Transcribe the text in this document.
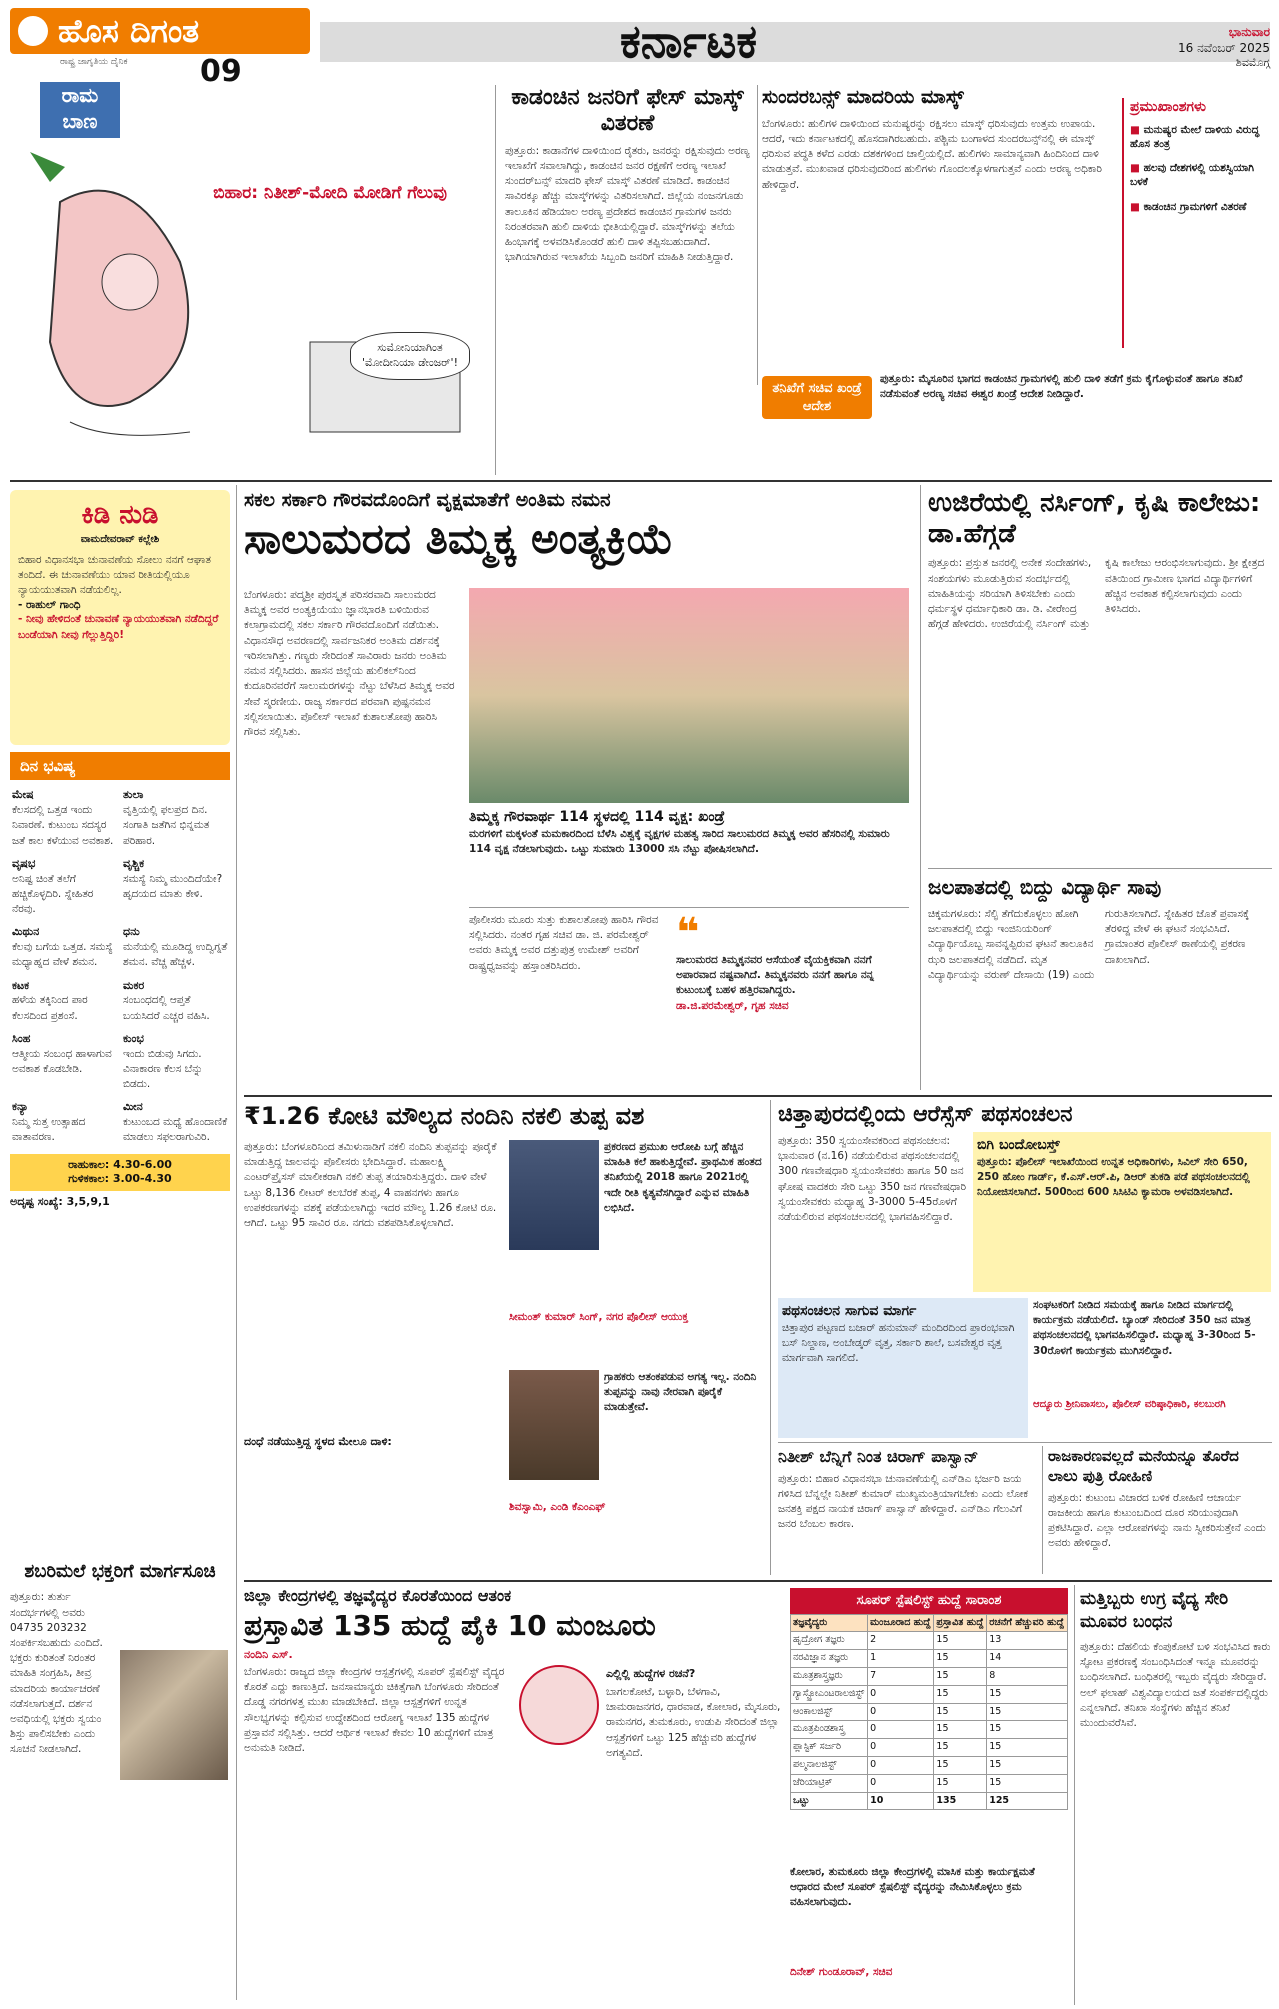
ಹೊಸ ದಿಗಂತ
ರಾಷ್ಟ್ರ ಜಾಗೃತಿಯ ದೈನಿಕ 09
ಕರ್ನಾಟಕ	ಭಾನುವಾರ
16 ನವೆಂಬರ್ 2025
ಶಿವಮೊಗ್ಗ
ರಾಮ
ಬಾಣ
ಬಿಹಾರ: ನಿತೀಶ್-ಮೋದಿ ಮೋಡಿಗೆ ಗೆಲುವು
ಸುಮೋನಿಯಾಗಿಂತ 'ಮೋದೀನಿಯಾ ಡೇಂಜರ್'!
ಕಾಡಂಚಿನ ಜನರಿಗೆ ಫೇಸ್ ಮಾಸ್ಕ್ ವಿತರಣೆ
ಪುತ್ತೂರು: ಕಾಡಾನೆಗಳ ದಾಳಿಯಿಂದ ರೈತರು, ಜನರನ್ನು ರಕ್ಷಿಸುವುದು ಅರಣ್ಯ ಇಲಾಖೆಗೆ ಸವಾಲಾಗಿದ್ದು, ಕಾಡಂಚಿನ ಜನರ ರಕ್ಷಣೆಗೆ ಅರಣ್ಯ ಇಲಾಖೆ ಸುಂದರ್‌ಬನ್ಸ್ ಮಾದರಿ ಫೇಸ್ ಮಾಸ್ಕ್ ವಿತರಣೆ ಮಾಡಿದೆ. ಕಾಡಂಚಿನ ಸಾವಿರಕ್ಕೂ ಹೆಚ್ಚು ಮಾಸ್ಕ್‌ಗಳನ್ನು ವಿತರಿಸಲಾಗಿದೆ. ಜಿಲ್ಲೆಯ ನಂಜನಗೂಡು ತಾಲೂಕಿನ ಹೆಡಿಯಾಲ ಅರಣ್ಯ ಪ್ರದೇಶದ ಕಾಡಂಚಿನ ಗ್ರಾಮಗಳ ಜನರು ನಿರಂತರವಾಗಿ ಹುಲಿ ದಾಳಿಯ ಭೀತಿಯಲ್ಲಿದ್ದಾರೆ. ಮಾಸ್ಕ್‌ಗಳನ್ನು ತಲೆಯ ಹಿಂಭಾಗಕ್ಕೆ ಅಳವಡಿಸಿಕೊಂಡರೆ ಹುಲಿ ದಾಳಿ ತಪ್ಪಿಸಬಹುದಾಗಿದೆ. ಭಾಗಿಯಾಗಿರುವ ಇಲಾಖೆಯ ಸಿಬ್ಬಂದಿ ಜನರಿಗೆ ಮಾಹಿತಿ ನೀಡುತ್ತಿದ್ದಾರೆ.
ಸುಂದರಬನ್ಸ್ ಮಾದರಿಯ ಮಾಸ್ಕ್
ಬೆಂಗಳೂರು: ಹುಲಿಗಳ ದಾಳಿಯಿಂದ ಮನುಷ್ಯರನ್ನು ರಕ್ಷಿಸಲು ಮಾಸ್ಕ್ ಧರಿಸುವುದು ಉತ್ತಮ ಉಪಾಯ. ಆದರೆ, ಇದು ಕರ್ನಾಟಕದಲ್ಲಿ ಹೊಸದಾಗಿರಬಹುದು. ಪಶ್ಚಿಮ ಬಂಗಾಳದ ಸುಂದರಬನ್ಸ್‌ನಲ್ಲಿ ಈ ಮಾಸ್ಕ್ ಧರಿಸುವ ಪದ್ಧತಿ ಕಳೆದ ಎರಡು ದಶಕಗಳಿಂದ ಚಾಲ್ತಿಯಲ್ಲಿದೆ. ಹುಲಿಗಳು ಸಾಮಾನ್ಯವಾಗಿ ಹಿಂದಿನಿಂದ ದಾಳಿ ಮಾಡುತ್ತವೆ. ಮುಖವಾಡ ಧರಿಸುವುದರಿಂದ ಹುಲಿಗಳು ಗೊಂದಲಕ್ಕೊಳಗಾಗುತ್ತವೆ ಎಂದು ಅರಣ್ಯ ಅಧಿಕಾರಿ ಹೇಳಿದ್ದಾರೆ.
ಪ್ರಮುಖಾಂಶಗಳು
■ ಮನುಷ್ಯರ ಮೇಲೆ ದಾಳಿಯ ವಿರುದ್ಧ ಹೊಸ ತಂತ್ರ
■ ಹಲವು ದೇಶಗಳಲ್ಲಿ ಯಶಸ್ವಿಯಾಗಿ ಬಳಕೆ
■ ಕಾಡಂಚಿನ ಗ್ರಾಮಗಳಿಗೆ ವಿತರಣೆ
ತನಿಖೆಗೆ ಸಚಿವ ಖಂಡ್ರೆ ಆದೇಶ
ಪುತ್ತೂರು: ಮೈಸೂರಿನ ಭಾಗದ ಕಾಡಂಚಿನ ಗ್ರಾಮಗಳಲ್ಲಿ ಹುಲಿ ದಾಳಿ ತಡೆಗೆ ಕ್ರಮ ಕೈಗೊಳ್ಳುವಂತೆ ಹಾಗೂ ತನಿಖೆ ನಡೆಸುವಂತೆ ಅರಣ್ಯ ಸಚಿವ ಈಶ್ವರ ಖಂಡ್ರೆ ಆದೇಶ ನೀಡಿದ್ದಾರೆ.
ಕಿಡಿ ನುಡಿ
ವಾಮದೇವರಾವ್ ಕಲ್ಲೇಶಿ
ಬಿಹಾರ ವಿಧಾನಸಭಾ ಚುನಾವಣೆಯ ಸೋಲು ನನಗೆ ಆಘಾತ ತಂದಿದೆ. ಈ ಚುನಾವಣೆಯು ಯಾವ ರೀತಿಯಲ್ಲಿಯೂ ನ್ಯಾಯಯುತವಾಗಿ ನಡೆಯಲಿಲ್ಲ.
- ರಾಹುಲ್ ಗಾಂಧಿ
- ನೀವು ಹೇಳಿದಂತೆ ಚುನಾವಣೆ ನ್ಯಾಯಯುತವಾಗಿ ನಡೆದಿದ್ದರೆ ಬಂಡೆಯಾಗಿ ನೀವು ಗೆಲ್ಲುತ್ತಿದ್ದಿರಿ!
ದಿನ ಭವಿಷ್ಯ
ಮೇಷ
ಕೆಲಸದಲ್ಲಿ ಒತ್ತಡ ಇಂದು ನಿವಾರಣೆ. ಕುಟುಂಬ ಸದಸ್ಯರ ಜತೆ ಕಾಲ ಕಳೆಯುವ ಅವಕಾಶ.
ತುಲಾ
ವೃತ್ತಿಯಲ್ಲಿ ಫಲಪ್ರದ ದಿನ. ಸಂಗಾತಿ ಜತೆಗಿನ ಭಿನ್ನಮತ ಪರಿಹಾರ.
ವೃಷಭ
ಅನಿಷ್ಟ ಚಿಂತೆ ತಲೆಗೆ ಹಚ್ಚಿಕೊಳ್ಳದಿರಿ. ಸ್ನೇಹಿತರ ನೆರವು.
ವೃಶ್ಚಿಕ
ಸಮಸ್ಯೆ ನಿಮ್ಮ ಮುಂದಿದೆಯೇ? ಹೃದಯದ ಮಾತು ಕೇಳಿ.
ಮಿಥುನ
ಕೆಲವು ಬಗೆಯ ಒತ್ತಡ. ಸಮಸ್ಯೆ ಮಧ್ಯಾಹ್ನದ ವೇಳೆ ಶಮನ.
ಧನು
ಮನೆಯಲ್ಲಿ ಮೂಡಿದ್ದ ಉದ್ವಿಗ್ನತೆ ಶಮನ. ವೆಚ್ಚ ಹೆಚ್ಚಳ.
ಕಟಕ
ಹಳೆಯ ತಕ್ಕಿನಿಂದ ಪಾರ ಕೆಲಸದಿಂದ ಪ್ರಶಂಸೆ.
ಮಕರ
ಸಂಬಂಧದಲ್ಲಿ ಆಪ್ತತೆ ಬಯಸಿದರೆ ಎಚ್ಚರ ವಹಿಸಿ.
ಸಿಂಹ
ಆತ್ಮೀಯ ಸಂಬಂಧ ಹಾಳಾಗುವ ಅವಕಾಶ ಕೊಡಬೇಡಿ.
ಕುಂಭ
ಇಂದು ಬಿಡುವು ಸಿಗದು. ವಿನಾಕಾರಣ ಕೆಲಸ ಬೆನ್ನು ಬಿಡದು.
ಕನ್ಯಾ
ನಿಮ್ಮ ಸುತ್ತ ಉತ್ಸಾಹದ ವಾತಾವರಣ.
ಮೀನ
ಕುಟುಂಬದ ಮಧ್ಯೆ ಹೊಂದಾಣಿಕೆ ಮಾಡಲು ಸಫಲರಾಗುವಿರಿ.
ರಾಹುಕಾಲ: 4.30-6.00
ಗುಳಿಕಕಾಲ: 3.00-4.30
ಅದೃಷ್ಟ ಸಂಖ್ಯೆ: 3,5,9,1
ಶಬರಿಮಲೆ ಭಕ್ತರಿಗೆ ಮಾರ್ಗಸೂಚಿ
ಪುತ್ತೂರು: ತುರ್ತು ಸಂದರ್ಭಗಳಲ್ಲಿ ಅವರು 04735 203232 ಸಂಪರ್ಕಿಸಬಹುದು ಎಂದಿದೆ. ಭಕ್ತರು ಕುರಿತಂತೆ ನಿರಂತರ ಮಾಹಿತಿ ಸಂಗ್ರಹಿಸಿ, ತೀವ್ರ ಮಾದರಿಯ ಕಾರ್ಯಾಚರಣೆ ನಡೆಸಲಾಗುತ್ತದೆ. ದರ್ಶನ ಅವಧಿಯಲ್ಲಿ ಭಕ್ತರು ಸ್ವಯಂ ಶಿಸ್ತು ಪಾಲಿಸಬೇಕು ಎಂದು ಸೂಚನೆ ನೀಡಲಾಗಿದೆ.
ಸಕಲ ಸರ್ಕಾರಿ ಗೌರವದೊಂದಿಗೆ ವೃಕ್ಷಮಾತೆಗೆ ಅಂತಿಮ ನಮನ
ಸಾಲುಮರದ ತಿಮ್ಮಕ್ಕ ಅಂತ್ಯಕ್ರಿಯೆ
ಬೆಂಗಳೂರು: ಪದ್ಮಶ್ರೀ ಪುರಸ್ಕೃತ ಪರಿಸರವಾದಿ ಸಾಲುಮರದ ತಿಮ್ಮಕ್ಕ ಅವರ ಅಂತ್ಯಕ್ರಿಯೆಯು ಜ್ಞಾನಭಾರತಿ ಬಳಿಯಿರುವ ಕಲಾಗ್ರಾಮದಲ್ಲಿ ಸಕಲ ಸರ್ಕಾರಿ ಗೌರವದೊಂದಿಗೆ ನಡೆಯಿತು. ವಿಧಾನಸೌಧ ಅವರಣದಲ್ಲಿ ಸಾರ್ವಜನಿಕರ ಅಂತಿಮ ದರ್ಶನಕ್ಕೆ ಇರಿಸಲಾಗಿತ್ತು. ಗಣ್ಯರು ಸೇರಿದಂತೆ ಸಾವಿರಾರು ಜನರು ಅಂತಿಮ ನಮನ ಸಲ್ಲಿಸಿದರು. ಹಾಸನ ಜಿಲ್ಲೆಯ ಹುಲಿಕಲ್‌ನಿಂದ ಕುದೂರಿನವರೆಗೆ ಸಾಲುಮರಗಳನ್ನು ನೆಟ್ಟು ಬೆಳೆಸಿದ ತಿಮ್ಮಕ್ಕ ಅವರ ಸೇವೆ ಸ್ಮರಣೀಯ. ರಾಜ್ಯ ಸರ್ಕಾರದ ಪರವಾಗಿ ಪುಷ್ಪನಮನ ಸಲ್ಲಿಸಲಾಯಿತು. ಪೊಲೀಸ್ ಇಲಾಖೆ ಕುಶಾಲತೋಪು ಹಾರಿಸಿ ಗೌರವ ಸಲ್ಲಿಸಿತು.
ತಿಮ್ಮಕ್ಕ ಗೌರವಾರ್ಥ 114 ಸ್ಥಳದಲ್ಲಿ 114 ವೃಕ್ಷ: ಖಂಡ್ರೆ
ಮರಗಳಿಗೆ ಮಕ್ಕಳಂತೆ ಮಮಕಾರದಿಂದ ಬೆಳೆಸಿ ವಿಶ್ವಕ್ಕೆ ವೃಕ್ಷಗಳ ಮಹತ್ವ ಸಾರಿದ ಸಾಲುಮರದ ತಿಮ್ಮಕ್ಕ ಅವರ ಹೆಸರಿನಲ್ಲಿ ಸುಮಾರು 114 ವೃಕ್ಷ ನೆಡಲಾಗುವುದು. ಒಟ್ಟು ಸುಮಾರು 13000 ಸಸಿ ನೆಟ್ಟು ಪೋಷಿಸಲಾಗಿದೆ.
ಪೊಲೀಸರು ಮೂರು ಸುತ್ತು ಕುಶಾಲತೋಪು ಹಾರಿಸಿ ಗೌರವ ಸಲ್ಲಿಸಿದರು. ನಂತರ ಗೃಹ ಸಚಿವ ಡಾ. ಜಿ. ಪರಮೇಶ್ವರ್ ಅವರು ತಿಮ್ಮಕ್ಕ ಅವರ ದತ್ತುಪುತ್ರ ಉಮೇಶ್ ಅವರಿಗೆ ರಾಷ್ಟ್ರಧ್ವಜವನ್ನು ಹಸ್ತಾಂತರಿಸಿದರು.
❝
ಸಾಲುಮರದ ತಿಮ್ಮಕ್ಕನವರ ಆಸೆಯಂತೆ ವೈಯಕ್ತಿಕವಾಗಿ ನನಗೆ ಅಪಾರವಾದ ನಷ್ಟವಾಗಿದೆ. ತಿಮ್ಮಕ್ಕನವರು ನನಗೆ ಹಾಗೂ ನನ್ನ ಕುಟುಂಬಕ್ಕೆ ಬಹಳ ಹತ್ತಿರವಾಗಿದ್ದರು.
ಡಾ.ಜಿ.ಪರಮೇಶ್ವರ್, ಗೃಹ ಸಚಿವ
ಉಜಿರೆಯಲ್ಲಿ ನರ್ಸಿಂಗ್, ಕೃಷಿ ಕಾಲೇಜು: ಡಾ.ಹೆಗ್ಗಡೆ
ಪುತ್ತೂರು: ಪ್ರಸ್ತುತ ಜನರಲ್ಲಿ ಅನೇಕ ಸಂದೇಹಗಳು, ಸಂಶಯಗಳು ಮೂಡುತ್ತಿರುವ ಸಂದರ್ಭದಲ್ಲಿ ಮಾಹಿತಿಯನ್ನು ಸರಿಯಾಗಿ ತಿಳಿಸಬೇಕು ಎಂದು ಧರ್ಮಸ್ಥಳ ಧರ್ಮಾಧಿಕಾರಿ ಡಾ. ಡಿ. ವೀರೇಂದ್ರ ಹೆಗ್ಗಡೆ ಹೇಳಿದರು. ಉಜಿರೆಯಲ್ಲಿ ನರ್ಸಿಂಗ್ ಮತ್ತು ಕೃಷಿ ಕಾಲೇಜು ಆರಂಭಿಸಲಾಗುವುದು. ಶ್ರೀ ಕ್ಷೇತ್ರದ ವತಿಯಿಂದ ಗ್ರಾಮೀಣ ಭಾಗದ ವಿದ್ಯಾರ್ಥಿಗಳಿಗೆ ಹೆಚ್ಚಿನ ಅವಕಾಶ ಕಲ್ಪಿಸಲಾಗುವುದು ಎಂದು ತಿಳಿಸಿದರು.
ಜಲಪಾತದಲ್ಲಿ ಬಿದ್ದು ವಿದ್ಯಾರ್ಥಿ ಸಾವು
ಚಿಕ್ಕಮಗಳೂರು: ಸೆಲ್ಫಿ ತೆಗೆದುಕೊಳ್ಳಲು ಹೋಗಿ ಜಲಪಾತದಲ್ಲಿ ಬಿದ್ದು ಇಂಜಿನಿಯರಿಂಗ್ ವಿದ್ಯಾರ್ಥಿಯೊಬ್ಬ ಸಾವನ್ನಪ್ಪಿರುವ ಘಟನೆ ತಾಲೂಕಿನ ಝರಿ ಜಲಪಾತದಲ್ಲಿ ನಡೆದಿದೆ. ಮೃತ ವಿದ್ಯಾರ್ಥಿಯನ್ನು ವರುಣ್ ದೇಸಾಯಿ (19) ಎಂದು ಗುರುತಿಸಲಾಗಿದೆ. ಸ್ನೇಹಿತರ ಜೊತೆ ಪ್ರವಾಸಕ್ಕೆ ತೆರಳಿದ್ದ ವೇಳೆ ಈ ಘಟನೆ ಸಂಭವಿಸಿದೆ. ಗ್ರಾಮಾಂತರ ಪೊಲೀಸ್ ಠಾಣೆಯಲ್ಲಿ ಪ್ರಕರಣ ದಾಖಲಾಗಿದೆ.
₹1.26 ಕೋಟಿ ಮೌಲ್ಯದ ನಂದಿನಿ ನಕಲಿ ತುಪ್ಪ ವಶ
ಪುತ್ತೂರು: ಬೆಂಗಳೂರಿನಿಂದ ತಮಿಳುನಾಡಿಗೆ ನಕಲಿ ನಂದಿನಿ ತುಪ್ಪವನ್ನು ಪೂರೈಕೆ ಮಾಡುತ್ತಿದ್ದ ಜಾಲವನ್ನು ಪೊಲೀಸರು ಭೇದಿಸಿದ್ದಾರೆ. ಮಹಾಲಕ್ಷ್ಮಿ ಎಂಟರ್‌ಪ್ರೈಸಸ್ ಮಾಲೀಕರಾಗಿ ನಕಲಿ ತುಪ್ಪ ತಯಾರಿಸುತ್ತಿದ್ದರು. ದಾಳಿ ವೇಳೆ ಒಟ್ಟು 8,136 ಲೀಟರ್ ಕಲಬೆರಕೆ ತುಪ್ಪ, 4 ವಾಹನಗಳು ಹಾಗೂ ಉಪಕರಣಗಳನ್ನು ವಶಕ್ಕೆ ಪಡೆಯಲಾಗಿದ್ದು ಇದರ ಮೌಲ್ಯ 1.26 ಕೋಟಿ ರೂ. ಆಗಿದೆ. ಒಟ್ಟು 95 ಸಾವಿರ ರೂ. ನಗದು ವಶಪಡಿಸಿಕೊಳ್ಳಲಾಗಿದೆ.
ದಂಧೆ ನಡೆಯುತ್ತಿದ್ದ ಸ್ಥಳದ ಮೇಲೂ ದಾಳಿ:
ಪ್ರಕರಣದ ಪ್ರಮುಖ ಆರೋಪಿ ಬಗ್ಗೆ ಹೆಚ್ಚಿನ ಮಾಹಿತಿ ಕಲೆ ಹಾಕುತ್ತಿದ್ದೇವೆ. ಪ್ರಾಥಮಿಕ ಹಂತದ ತನಿಖೆಯಲ್ಲಿ 2018 ಹಾಗೂ 2021ರಲ್ಲಿ ಇದೇ ರೀತಿ ಕೃತ್ಯವೆಸಗಿದ್ದಾರೆ ಎನ್ನುವ ಮಾಹಿತಿ ಲಭಿಸಿದೆ.
ಸೀಮಂತ್ ಕುಮಾರ್ ಸಿಂಗ್, ನಗರ ಪೊಲೀಸ್ ಆಯುಕ್ತ
ಗ್ರಾಹಕರು ಆತಂಕಪಡುವ ಅಗತ್ಯ ಇಲ್ಲ. ನಂದಿನಿ ತುಪ್ಪವನ್ನು ನಾವು ನೇರವಾಗಿ ಪೂರೈಕೆ ಮಾಡುತ್ತೇವೆ.
ಶಿವಸ್ವಾಮಿ, ಎಂಡಿ ಕೆಎಂಎಫ್
ಚಿತ್ತಾಪುರದಲ್ಲಿಂದು ಆರೆಸ್ಸೆಸ್ ಪಥಸಂಚಲನ
ಪುತ್ತೂರು: 350 ಸ್ವಯಂಸೇವಕರಿಂದ ಪಥಸಂಚಲನ: ಭಾನುವಾರ (ನ.16) ನಡೆಯಲಿರುವ ಪಥಸಂಚಲನದಲ್ಲಿ 300 ಗಣವೇಷಧಾರಿ ಸ್ವಯಂಸೇವಕರು ಹಾಗೂ 50 ಜನ ಘೋಷ ವಾದಕರು ಸೇರಿ ಒಟ್ಟು 350 ಜನ ಗಣವೇಷಧಾರಿ ಸ್ವಯಂಸೇವಕರು ಮಧ್ಯಾಹ್ನ 3-3000 5-45ರೊಳಗೆ ನಡೆಯಲಿರುವ ಪಥಸಂಚಲನದಲ್ಲಿ ಭಾಗವಹಿಸಲಿದ್ದಾರೆ.
ಬಿಗಿ ಬಂದೋಬಸ್ತ್
ಪುತ್ತೂರು: ಪೊಲೀಸ್ ಇಲಾಖೆಯಿಂದ ಉನ್ನತ ಅಧಿಕಾರಿಗಳು, ಸಿವಿಲ್ ಸೇರಿ 650, 250 ಹೋಂ ಗಾರ್ಡ್, ಕೆ.ಎಸ್.ಆರ್.ಪಿ, ಡಿಆರ್ ತುಕಡಿ ಪಡೆ ಪಥಸಂಚಲನದಲ್ಲಿ ನಿಯೋಜಿಸಲಾಗಿದೆ. 500ರಿಂದ 600 ಸಿಸಿಟಿವಿ ಕ್ಯಾಮರಾ ಅಳವಡಿಸಲಾಗಿದೆ.
ಪಥಸಂಚಲನ ಸಾಗುವ ಮಾರ್ಗ
ಚಿತ್ತಾಪುರ ಪಟ್ಟಣದ ಬಜಾರ್ ಹನುಮಾನ್ ಮಂದಿರದಿಂದ ಪ್ರಾರಂಭವಾಗಿ ಬಸ್ ನಿಲ್ದಾಣ, ಅಂಬೇಡ್ಕರ್ ವೃತ್ತ, ಸರ್ಕಾರಿ ಶಾಲೆ, ಬಸವೇಶ್ವರ ವೃತ್ತ ಮಾರ್ಗವಾಗಿ ಸಾಗಲಿದೆ.
ಸಂಘಟಕರಿಗೆ ನೀಡಿದ ಸಮಯಕ್ಕೆ ಹಾಗೂ ನೀಡಿದ ಮಾರ್ಗದಲ್ಲಿ ಕಾರ್ಯಕ್ರಮ ನಡೆಯಲಿದೆ. ಬ್ಯಾಂಡ್ ಸೇರಿದಂತೆ 350 ಜನ ಮಾತ್ರ ಪಥಸಂಚಲನದಲ್ಲಿ ಭಾಗವಹಿಸಲಿದ್ದಾರೆ. ಮಧ್ಯಾಹ್ನ 3-30ರಿಂದ 5-30ರೊಳಗೆ ಕಾರ್ಯಕ್ರಮ ಮುಗಿಸಲಿದ್ದಾರೆ.
ಆದ್ಯೂರು ಶ್ರೀನಿವಾಸಲು, ಪೊಲೀಸ್ ವರಿಷ್ಠಾಧಿಕಾರಿ, ಕಲಬುರಗಿ
ನಿತೀಶ್ ಬೆನ್ನಿಗೆ ನಿಂತ ಚಿರಾಗ್ ಪಾಸ್ವಾನ್
ಪುತ್ತೂರು: ಬಿಹಾರ ವಿಧಾನಸಭಾ ಚುನಾವಣೆಯಲ್ಲಿ ಎನ್‌ಡಿಎ ಭರ್ಜರಿ ಜಯ ಗಳಿಸಿದ ಬೆನ್ನಲ್ಲೇ ನಿತೀಶ್ ಕುಮಾರ್ ಮುಖ್ಯಮಂತ್ರಿಯಾಗಬೇಕು ಎಂದು ಲೋಕ ಜನಶಕ್ತಿ ಪಕ್ಷದ ನಾಯಕ ಚಿರಾಗ್ ಪಾಸ್ವಾನ್ ಹೇಳಿದ್ದಾರೆ. ಎನ್‌ಡಿಎ ಗೆಲುವಿಗೆ ಜನರ ಬೆಂಬಲ ಕಾರಣ.
ರಾಜಕಾರಣವಲ್ಲದೆ ಮನೆಯನ್ನೂ ತೊರೆದ ಲಾಲು ಪುತ್ರಿ ರೋಹಿಣಿ
ಪುತ್ತೂರು: ಕುಟುಂಬ ವಿಚಾರದ ಬಳಿಕ ರೋಹಿಣಿ ಆಚಾರ್ಯ ರಾಜಕೀಯ ಹಾಗೂ ಕುಟುಂಬದಿಂದ ದೂರ ಸರಿಯುವುದಾಗಿ ಪ್ರಕಟಿಸಿದ್ದಾರೆ. ಎಲ್ಲಾ ಆರೋಪಗಳನ್ನು ನಾನು ಸ್ವೀಕರಿಸುತ್ತೇನೆ ಎಂದು ಅವರು ಹೇಳಿದ್ದಾರೆ.
ಜಿಲ್ಲಾ ಕೇಂದ್ರಗಳಲ್ಲಿ ತಜ್ಞವೈದ್ಯರ ಕೊರತೆಯಿಂದ ಆತಂಕ
ಪ್ರಸ್ತಾವಿತ 135 ಹುದ್ದೆ ಪೈಕಿ 10 ಮಂಜೂರು
ನಂದಿನಿ ಎಸ್.
ಬೆಂಗಳೂರು: ರಾಜ್ಯದ ಜಿಲ್ಲಾ ಕೇಂದ್ರಗಳ ಆಸ್ಪತ್ರೆಗಳಲ್ಲಿ ಸೂಪರ್ ಸ್ಪೆಷಲಿಸ್ಟ್ ವೈದ್ಯರ ಕೊರತೆ ಎದ್ದು ಕಾಣುತ್ತಿದೆ. ಜನಸಾಮಾನ್ಯರು ಚಿಕಿತ್ಸೆಗಾಗಿ ಬೆಂಗಳೂರು ಸೇರಿದಂತೆ ದೊಡ್ಡ ನಗರಗಳತ್ತ ಮುಖ ಮಾಡಬೇಕಿದೆ. ಜಿಲ್ಲಾ ಆಸ್ಪತ್ರೆಗಳಿಗೆ ಉನ್ನತ ಸೌಲಭ್ಯಗಳನ್ನು ಕಲ್ಪಿಸುವ ಉದ್ದೇಶದಿಂದ ಆರೋಗ್ಯ ಇಲಾಖೆ 135 ಹುದ್ದೆಗಳ ಪ್ರಸ್ತಾವನೆ ಸಲ್ಲಿಸಿತ್ತು. ಆದರೆ ಆರ್ಥಿಕ ಇಲಾಖೆ ಕೇವಲ 10 ಹುದ್ದೆಗಳಿಗೆ ಮಾತ್ರ ಅನುಮತಿ ನೀಡಿದೆ.
ಎಲ್ಲಿಲ್ಲಿ ಹುದ್ದೆಗಳ ರಚನೆ?
ಬಾಗಲಕೋಟೆ, ಬಳ್ಳಾರಿ, ಬೆಳಗಾವಿ, ಚಾಮರಾಜನಗರ, ಧಾರವಾಡ, ಕೋಲಾರ, ಮೈಸೂರು, ರಾಮನಗರ, ತುಮಕೂರು, ಉಡುಪಿ ಸೇರಿದಂತೆ ಜಿಲ್ಲಾ ಆಸ್ಪತ್ರೆಗಳಿಗೆ ಒಟ್ಟು 125 ಹೆಚ್ಚುವರಿ ಹುದ್ದೆಗಳ ಅಗತ್ಯವಿದೆ.
ಸೂಪರ್ ಸ್ಪೆಷಲಿಸ್ಟ್ ಹುದ್ದೆ ಸಾರಾಂಶ
ತಜ್ಞವೈದ್ಯರು	ಮಂಜೂರಾದ ಹುದ್ದೆ	ಪ್ರಸ್ತಾವಿತ ಹುದ್ದೆ	ರಚನೆಗೆ ಹೆಚ್ಚುವರಿ ಹುದ್ದೆ
ಹೃದ್ರೋಗ ತಜ್ಞರು	2	15	13
ನರವಿಜ್ಞಾನ ತಜ್ಞರು	1	15	14
ಮೂತ್ರಶಾಸ್ತ್ರಜ್ಞರು	7	15	8
ಗ್ಯಾಸ್ಟ್ರೋಎಂಟರಾಲಜಿಸ್ಟ್	0	15	15
ಆಂಕಾಲಜಿಸ್ಟ್	0	15	15
ಮೂತ್ರಪಿಂಡಶಾಸ್ತ್ರ	0	15	15
ಪ್ಲಾಸ್ಟಿಕ್ ಸರ್ಜರಿ	0	15	15
ಪಲ್ಮನಾಲಜಿಸ್ಟ್	0	15	15
ಜೆರಿಯಾಟ್ರಿಕ್	0	15	15
ಒಟ್ಟು	10	135	125
ಕೋಲಾರ, ತುಮಕೂರು ಜಿಲ್ಲಾ ಕೇಂದ್ರಗಳಲ್ಲಿ ಮಾಸಿಕ ಮತ್ತು ಕಾರ್ಯಕ್ಷಮತೆ ಆಧಾರದ ಮೇಲೆ ಸೂಪರ್ ಸ್ಪೆಷಲಿಸ್ಟ್ ವೈದ್ಯರನ್ನು ನೇಮಿಸಿಕೊಳ್ಳಲು ಕ್ರಮ ವಹಿಸಲಾಗುವುದು.
ದಿನೇಶ್ ಗುಂಡೂರಾವ್, ಸಚಿವ
ಮತ್ತಿಬ್ಬರು ಉಗ್ರ ವೈದ್ಯ ಸೇರಿ ಮೂವರ ಬಂಧನ
ಪುತ್ತೂರು: ದೆಹಲಿಯ ಕೆಂಪುಕೋಟೆ ಬಳಿ ಸಂಭವಿಸಿದ ಕಾರು ಸ್ಫೋಟ ಪ್ರಕರಣಕ್ಕೆ ಸಂಬಂಧಿಸಿದಂತೆ ಇನ್ನೂ ಮೂವರನ್ನು ಬಂಧಿಸಲಾಗಿದೆ. ಬಂಧಿತರಲ್ಲಿ ಇಬ್ಬರು ವೈದ್ಯರು ಸೇರಿದ್ದಾರೆ. ಅಲ್ ಫಲಾಹ್ ವಿಶ್ವವಿದ್ಯಾಲಯದ ಜತೆ ಸಂಪರ್ಕದಲ್ಲಿದ್ದರು ಎನ್ನಲಾಗಿದೆ. ತನಿಖಾ ಸಂಸ್ಥೆಗಳು ಹೆಚ್ಚಿನ ತನಿಖೆ ಮುಂದುವರೆಸಿವೆ.
